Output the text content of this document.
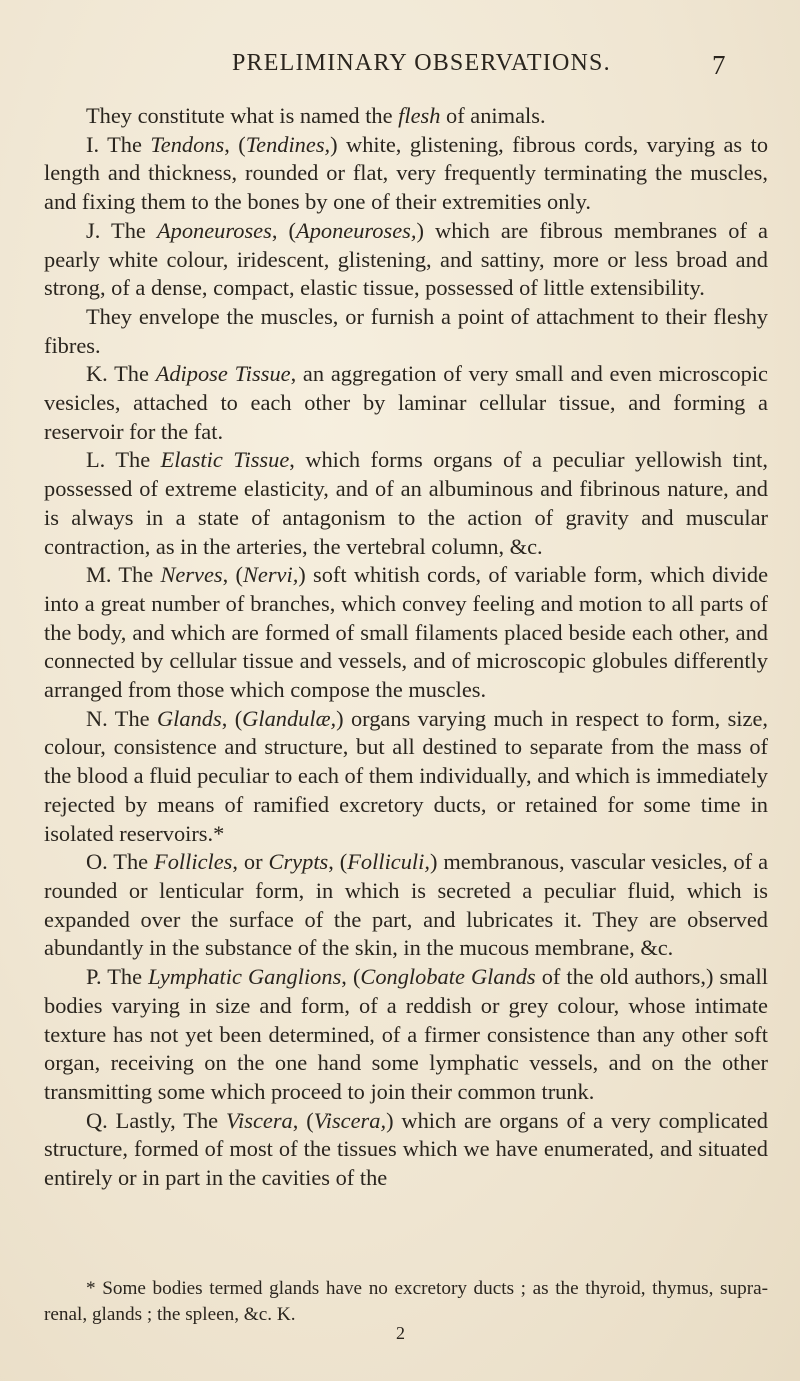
PRELIMINARY OBSERVATIONS.	7

They constitute what is named the flesh of animals.

I. The Tendons, (Tendines,) white, glistening, fibrous cords, varying as to length and thickness, rounded or flat, very frequently terminating the muscles, and fixing them to the bones by one of their extremities only.

J. The Aponeuroses, (Aponeuroses,) which are fibrous membranes of a pearly white colour, iridescent, glistening, and sattiny, more or less broad and strong, of a dense, compact, elastic tissue, possessed of little extensibility.

They envelope the muscles, or furnish a point of attachment to their fleshy fibres.

K. The Adipose Tissue, an aggregation of very small and even microscopic vesicles, attached to each other by laminar cellular tissue, and forming a reservoir for the fat.

L. The Elastic Tissue, which forms organs of a peculiar yellowish tint, possessed of extreme elasticity, and of an albuminous and fibrinous nature, and is always in a state of antagonism to the action of gravity and muscular contraction, as in the arteries, the vertebral column, &c.

M. The Nerves, (Nervi,) soft whitish cords, of variable form, which divide into a great number of branches, which convey feeling and motion to all parts of the body, and which are formed of small filaments placed beside each other, and connected by cellular tissue and vessels, and of microscopic globules differently arranged from those which compose the muscles.

N. The Glands, (Glandulæ,) organs varying much in respect to form, size, colour, consistence and structure, but all destined to separate from the mass of the blood a fluid peculiar to each of them individually, and which is immediately rejected by means of ramified excretory ducts, or retained for some time in isolated reservoirs.*

O. The Follicles, or Crypts, (Folliculi,) membranous, vascular vesicles, of a rounded or lenticular form, in which is secreted a peculiar fluid, which is expanded over the surface of the part, and lubricates it. They are observed abundantly in the substance of the skin, in the mucous membrane, &c.

P. The Lymphatic Ganglions, (Conglobate Glands of the old authors,) small bodies varying in size and form, of a reddish or grey colour, whose intimate texture has not yet been determined, of a firmer consistence than any other soft organ, receiving on the one hand some lymphatic vessels, and on the other transmitting some which proceed to join their common trunk.

Q. Lastly, The Viscera, (Viscera,) which are organs of a very complicated structure, formed of most of the tissues which we have enumerated, and situated entirely or in part in the cavities of the

* Some bodies termed glands have no excretory ducts ; as the thyroid, thymus, supra-renal, glands ; the spleen, &c. K.

2
